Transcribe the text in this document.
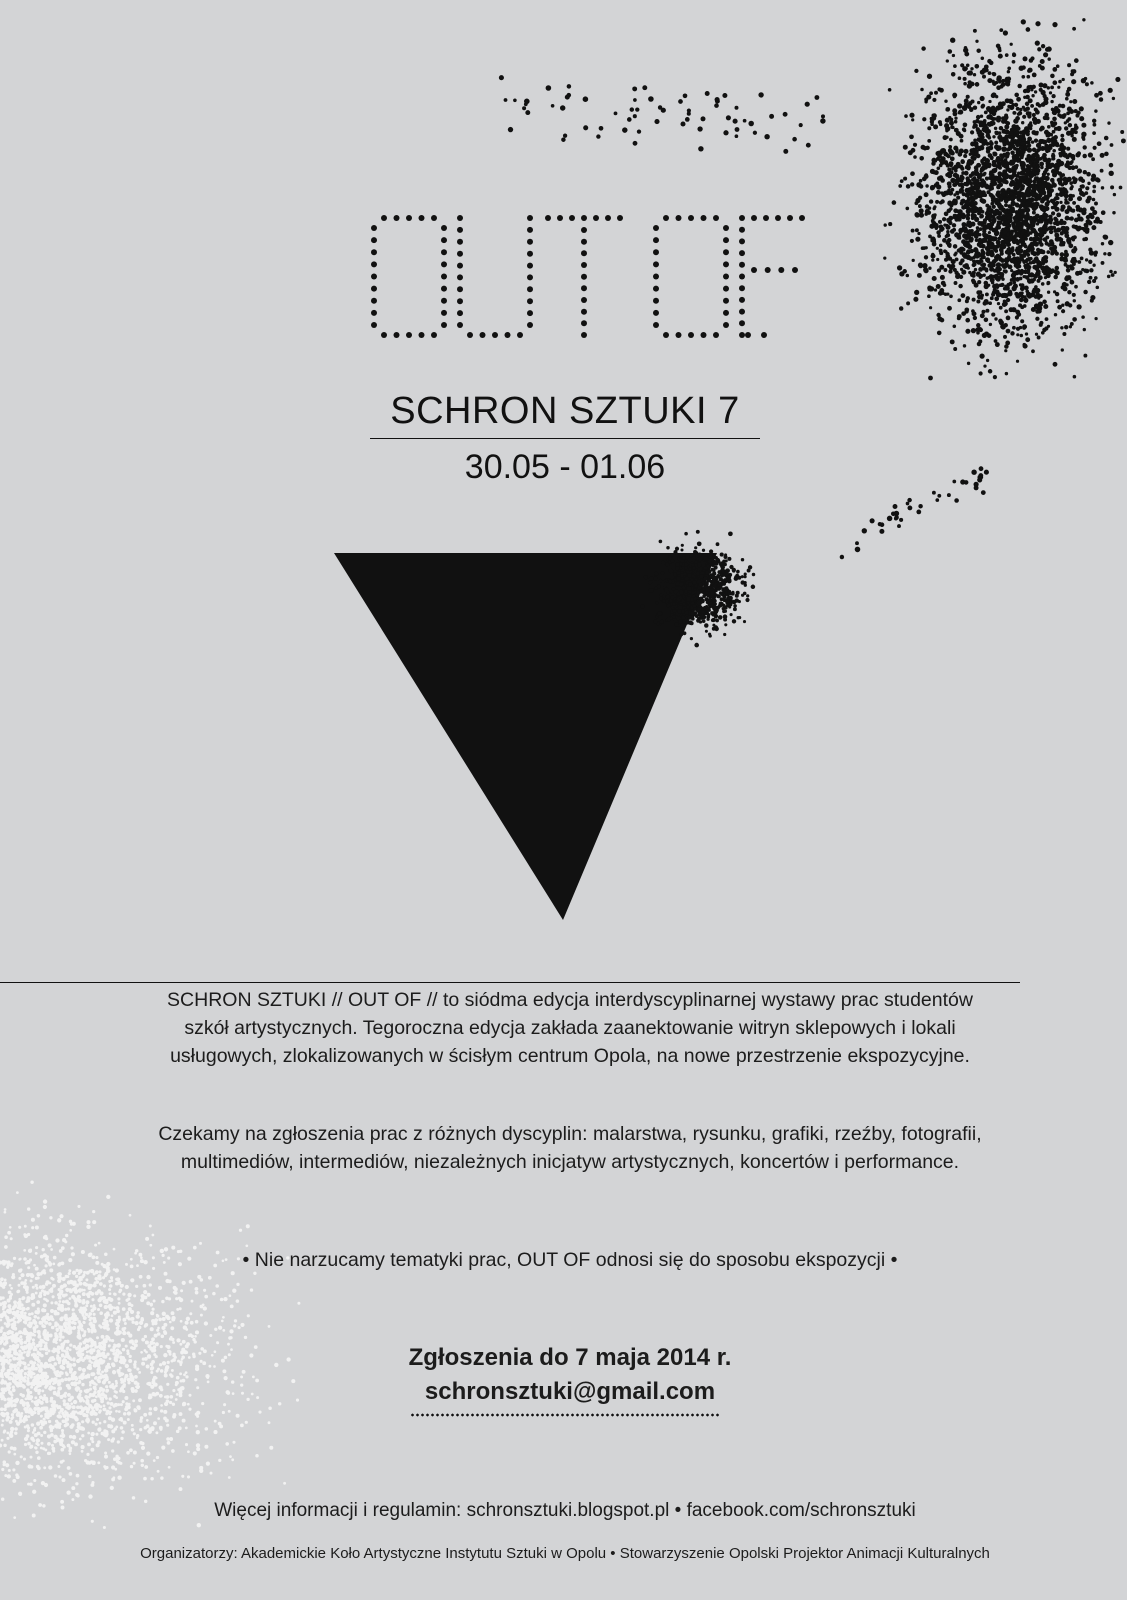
SCHRON SZTUKI 7
30.05 - 01.06

SCHRON SZTUKI // OUT OF // to siódma edycja interdyscyplinarnej wystawy prac studentów

szkół artystycznych. Tegoroczna edycja zakłada zaanektowanie witryn sklepowych i lokali

usługowych, zlokalizowanych w ścisłym centrum Opola, na nowe przestrzenie ekspozycyjne.

Czekamy na zgłoszenia prac z różnych dyscyplin: malarstwa, rysunku, grafiki, rzeźby, fotografii,

multimediów, intermediów, niezależnych inicjatyw artystycznych, koncertów i performance.

• Nie narzucamy tematyki prac, OUT OF odnosi się do sposobu ekspozycji •

Zgłoszenia do 7 maja 2014 r.
schronsztuki@gmail.com
Więcej informacji i regulamin: schronsztuki.blogspot.pl • facebook.com/schronsztuki
Organizatorzy: Akademickie Koło Artystyczne Instytutu Sztuki w Opolu • Stowarzyszenie Opolski Projektor Animacji Kulturalnych
